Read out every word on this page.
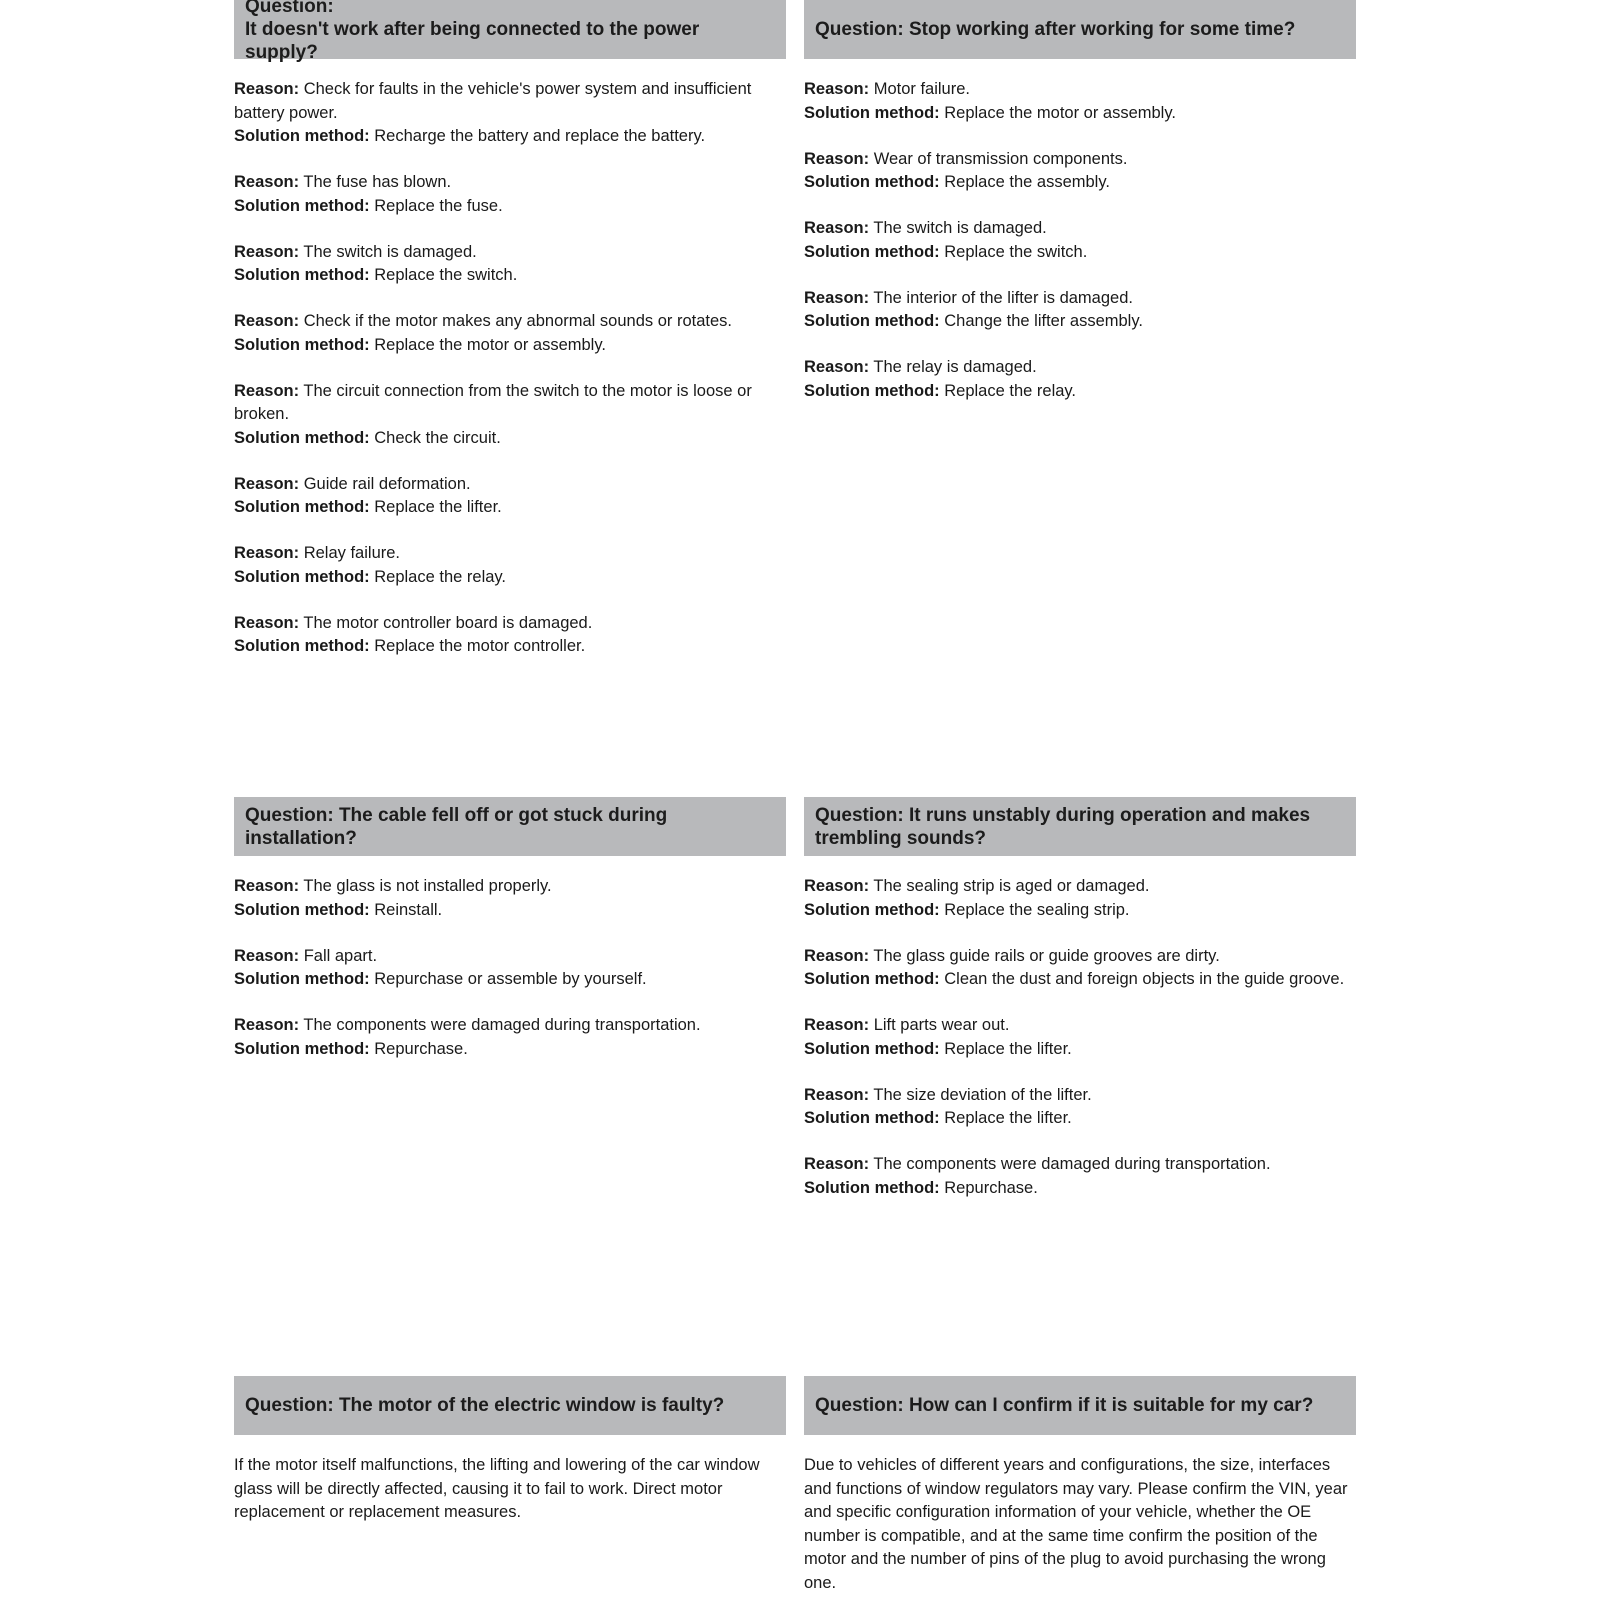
Question:
It doesn't work after being connected to the power supply?
Reason: Check for faults in the vehicle's power system and insufficient battery power.
Solution method: Recharge the battery and replace the battery.
Reason: The fuse has blown.
Solution method: Replace the fuse.
Reason: The switch is damaged.
Solution method: Replace the switch.
Reason: Check if the motor makes any abnormal sounds or rotates.
Solution method: Replace the motor or assembly.
Reason: The circuit connection from the switch to the motor is loose or broken.
Solution method: Check the circuit.
Reason: Guide rail deformation.
Solution method: Replace the lifter.
Reason: Relay failure.
Solution method: Replace the relay.
Reason: The motor controller board is damaged.
Solution method: Replace the motor controller.
Question: Stop working after working for some time?
Reason: Motor failure.
Solution method: Replace the motor or assembly.
Reason: Wear of transmission components.
Solution method: Replace the assembly.
Reason: The switch is damaged.
Solution method: Replace the switch.
Reason: The interior of the lifter is damaged.
Solution method: Change the lifter assembly.
Reason: The relay is damaged.
Solution method: Replace the relay.
Question: The cable fell off or got stuck during installation?
Reason: The glass is not installed properly.
Solution method: Reinstall.
Reason: Fall apart.
Solution method: Repurchase or assemble by yourself.
Reason: The components were damaged during transportation.
Solution method: Repurchase.
Question: It runs unstably during operation and makes trembling sounds?
Reason: The sealing strip is aged or damaged.
Solution method: Replace the sealing strip.
Reason: The glass guide rails or guide grooves are dirty.
Solution method: Clean the dust and foreign objects in the guide groove.
Reason: Lift parts wear out.
Solution method: Replace the lifter.
Reason: The size deviation of the lifter.
Solution method: Replace the lifter.
Reason: The components were damaged during transportation.
Solution method: Repurchase.
Question: The motor of the electric window is faulty?
If the motor itself malfunctions, the lifting and lowering of the car window glass will be directly affected, causing it to fail to work. Direct motor replacement or replacement measures.
Question: How can I confirm if it is suitable for my car?
Due to vehicles of different years and configurations, the size, interfaces and functions of window regulators may vary. Please confirm the VIN, year and specific configuration information of your vehicle, whether the OE number is compatible, and at the same time confirm the position of the motor and the number of pins of the plug to avoid purchasing the wrong one.
